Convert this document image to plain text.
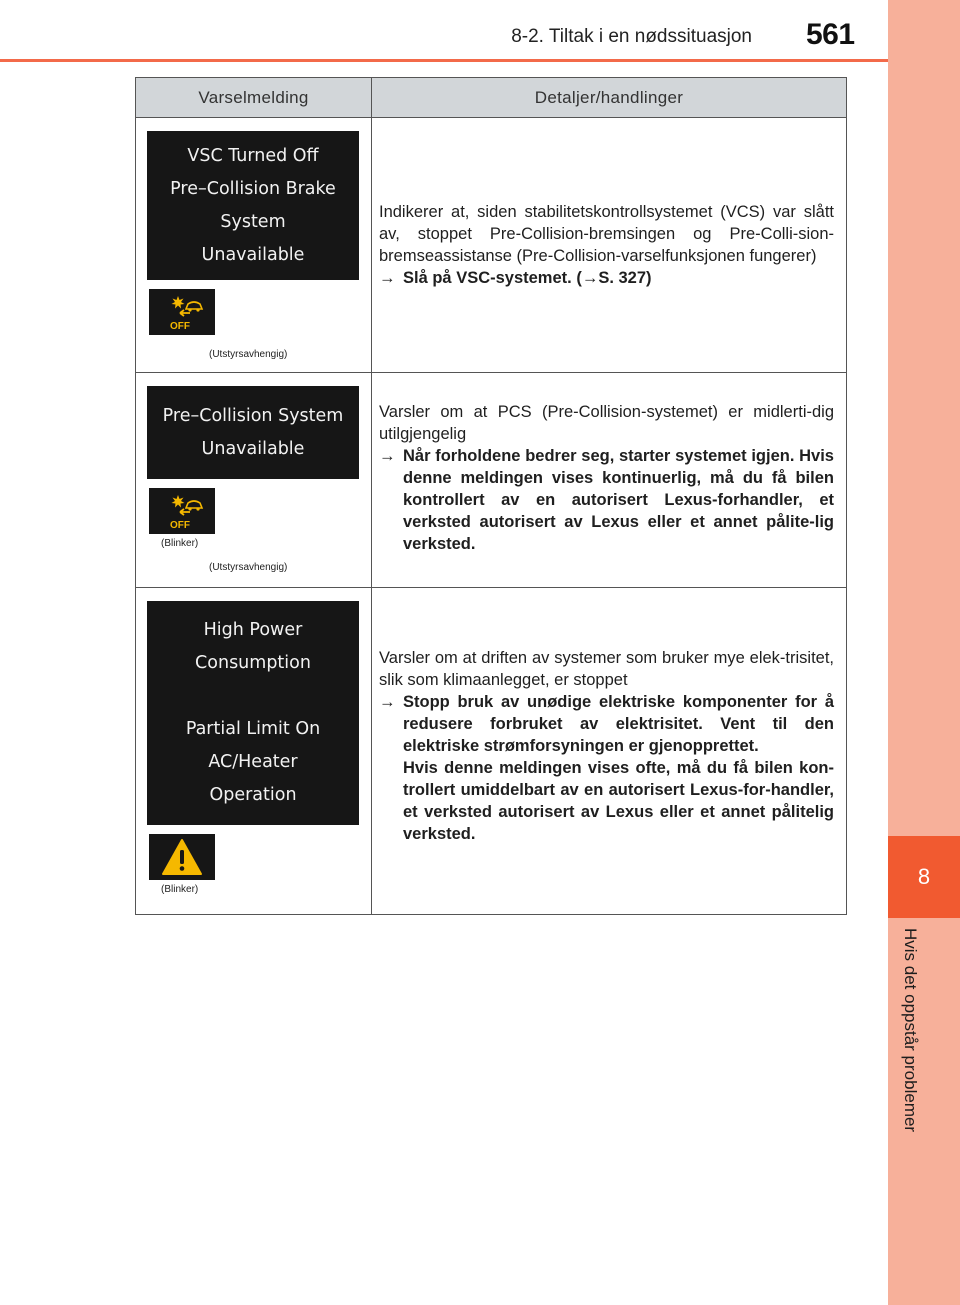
8-2. Tiltak i en nødssituasjon 561
8
Hvis det oppstår problemer
Varselmelding	Detaljer/handlinger
VSC Turned Off
Pre–Collision Brake
System
Unavailable
OFF
(Utstyrsavhengig)

Indikerer at, siden stabilitetskontrollsystemet (VCS) var slått av, stoppet Pre-Collision-bremsingen og Pre-Colli-sion-bremseassistanse (Pre-Collision-varselfunksjonen fungerer)

→ Slå på VSC-systemet. (→S. 327)
Pre–Collision System
Unavailable
OFF
(Blinker)
(Utstyrsavhengig)

Varsler om at PCS (Pre-Collision-systemet) er midlerti-dig utilgjengelig

→ Når forholdene bedrer seg, starter systemet igjen. Hvis denne meldingen vises kontinuerlig, må du få bilen kontrollert av en autorisert Lexus-forhandler, et verksted autorisert av Lexus eller et annet pålite-lig verksted.
High Power
Consumption
Partial Limit On
AC/Heater
Operation
(Blinker)

Varsler om at driften av systemer som bruker mye elek-trisitet, slik som klimaanlegget, er stoppet

→ Stopp bruk av unødige elektriske komponenter for å redusere forbruket av elektrisitet. Vent til den elektriske strømforsyningen er gjenopprettet.
Hvis denne meldingen vises ofte, må du få bilen kon-trollert umiddelbart av en autorisert Lexus-for-handler, et verksted autorisert av Lexus eller et annet pålitelig verksted.
